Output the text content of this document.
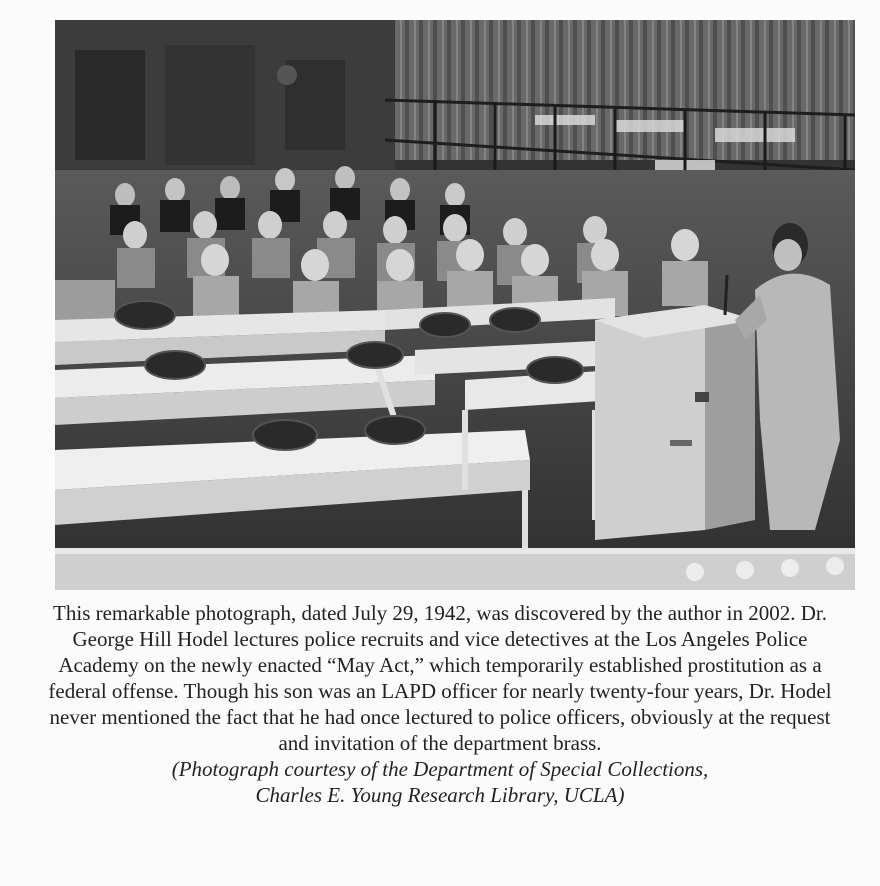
This remarkable photograph, dated July 29, 1942, was discovered by the author in 2002. Dr. George Hill Hodel lectures police recruits and vice detectives at the Los Angeles Police Academy on the newly enacted “May Act,” which temporarily established prostitution as a federal offense. Though his son was an LAPD officer for nearly twenty-four years, Dr. Hodel never mentioned the fact that he had once lectured to police officers, obviously at the request and invitation of the department brass.

(Photograph courtesy of the Department of Special Collections,

Charles E. Young Research Library, UCLA)
